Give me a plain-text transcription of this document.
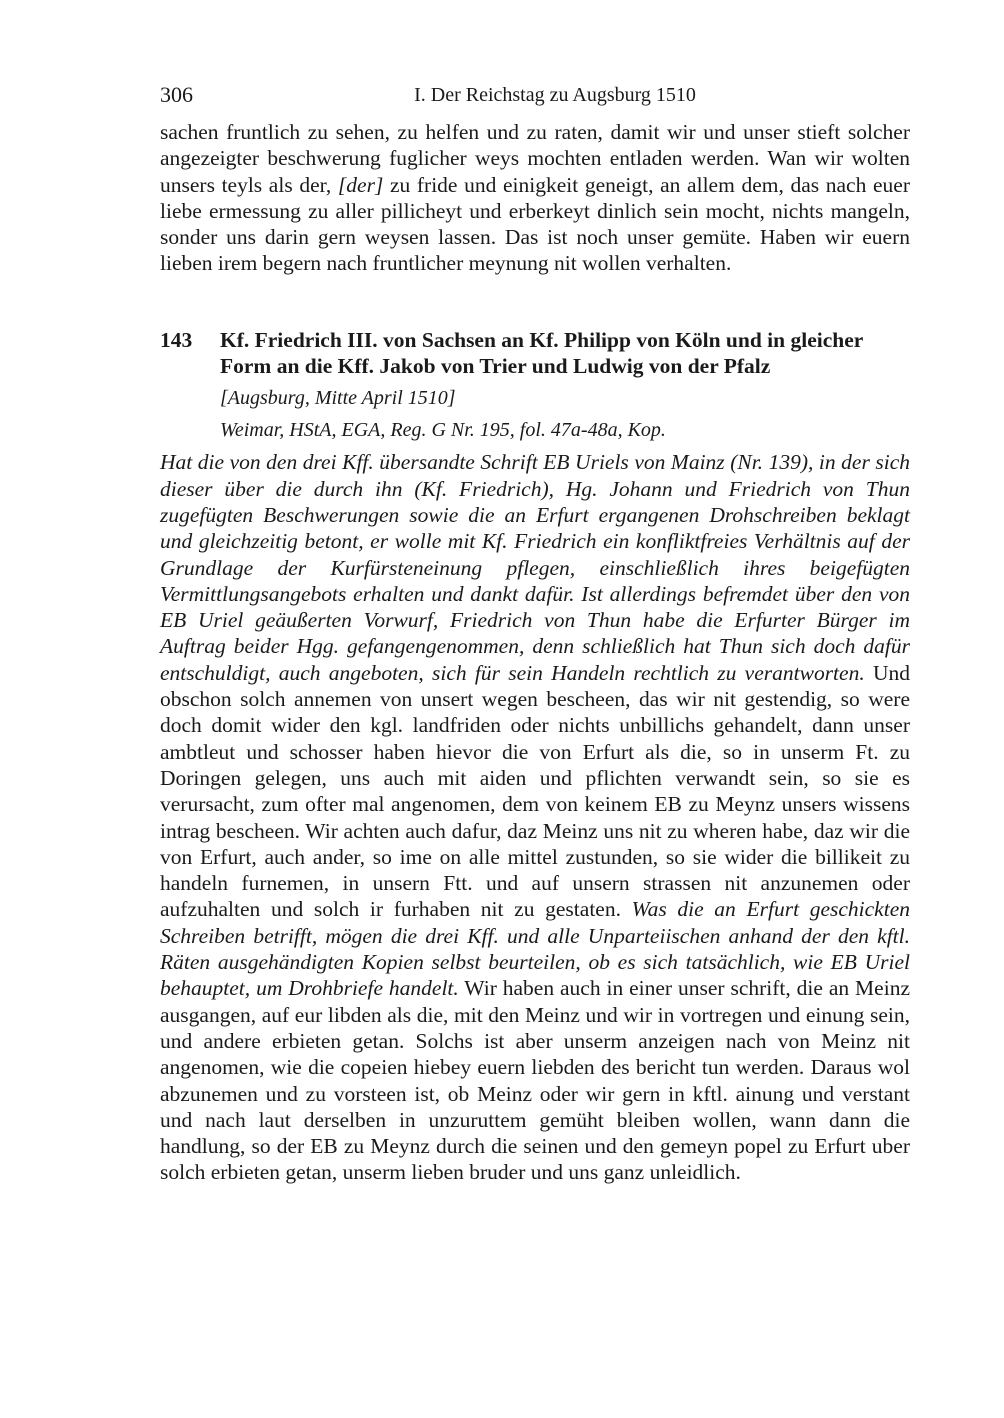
306	I. Der Reichstag zu Augsburg 1510

sachen fruntlich zu sehen, zu helfen und zu raten, damit wir und unser stieft solcher angezeigter beschwerung fuglicher weys mochten entladen werden. Wan wir wolten unsers teyls als der, [der] zu fride und einigkeit geneigt, an allem dem, das nach euer liebe ermessung zu aller pillicheyt und erberkeyt dinlich sein mocht, nichts mangeln, sonder uns darin gern weysen lassen. Das ist noch unser gemüte. Haben wir euern lieben irem begern nach fruntlicher meynung nit wollen verhalten.

143	Kf. Friedrich III. von Sachsen an Kf. Philipp von Köln und in gleicher Form an die Kff. Jakob von Trier und Ludwig von der Pfalz
[Augsburg, Mitte April 1510]
Weimar, HStA, EGA, Reg. G Nr. 195, fol. 47a-48a, Kop.

Hat die von den drei Kff. übersandte Schrift EB Uriels von Mainz (Nr. 139), in der sich dieser über die durch ihn (Kf. Friedrich), Hg. Johann und Friedrich von Thun zugefügten Beschwerungen sowie die an Erfurt ergangenen Drohschreiben beklagt und gleichzeitig betont, er wolle mit Kf. Friedrich ein konfliktfreies Verhältnis auf der Grundlage der Kurfürsteneinung pflegen, einschließlich ihres beigefügten Vermittlungsangebots erhalten und dankt dafür. Ist allerdings befremdet über den von EB Uriel geäußerten Vorwurf, Friedrich von Thun habe die Erfurter Bürger im Auftrag beider Hgg. gefangengenommen, denn schließlich hat Thun sich doch dafür entschuldigt, auch angeboten, sich für sein Handeln rechtlich zu verantworten. Und obschon solch annemen von unsert wegen bescheen, das wir nit gestendig, so were doch domit wider den kgl. landfriden oder nichts unbillichs gehandelt, dann unser ambtleut und schosser haben hievor die von Erfurt als die, so in unserm Ft. zu Doringen gelegen, uns auch mit aiden und pflichten verwandt sein, so sie es verursacht, zum ofter mal angenomen, dem von keinem EB zu Meynz unsers wissens intrag bescheen. Wir achten auch dafur, daz Meinz uns nit zu wheren habe, daz wir die von Erfurt, auch ander, so ime on alle mittel zustunden, so sie wider die billikeit zu handeln furnemen, in unsern Ftt. und auf unsern strassen nit anzunemen oder aufzuhalten und solch ir furhaben nit zu gestaten. Was die an Erfurt geschickten Schreiben betrifft, mögen die drei Kff. und alle Unparteiischen anhand der den kftl. Räten ausgehändigten Kopien selbst beurteilen, ob es sich tatsächlich, wie EB Uriel behauptet, um Drohbriefe handelt. Wir haben auch in einer unser schrift, die an Meinz ausgangen, auf eur libden als die, mit den Meinz und wir in vortregen und einung sein, und andere erbieten getan. Solchs ist aber unserm anzeigen nach von Meinz nit angenomen, wie die copeien hiebey euern liebden des bericht tun werden. Daraus wol abzunemen und zu vorsteen ist, ob Meinz oder wir gern in kftl. ainung und verstant und nach laut derselben in unzuruttem gemüht bleiben wollen, wann dann die handlung, so der EB zu Meynz durch die seinen und den gemeyn popel zu Erfurt uber solch erbieten getan, unserm lieben bruder und uns ganz unleidlich.
